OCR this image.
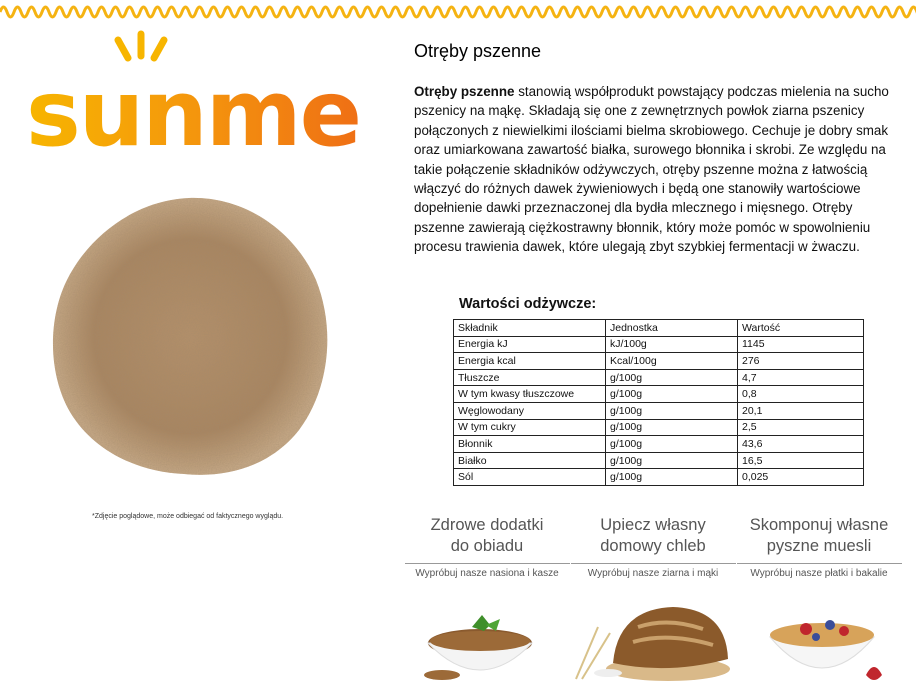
sunme
*Zdjęcie poglądowe, może odbiegać od faktycznego wyglądu.
Otręby pszenne
Otręby pszenne stanowią współprodukt powstający podczas mielenia na sucho pszenicy na mąkę. Składają się one z zewnętrznych powłok ziarna pszenicy połączonych z niewielkimi ilościami bielma skrobiowego. Cechuje je dobry smak oraz umiarkowana zawartość białka, surowego błonnika i skrobi. Ze względu na takie połączenie składników odżywczych, otręby pszenne można z łatwością włączyć do różnych dawek żywieniowych i będą one stanowiły wartościowe dopełnienie dawki przeznaczonej dla bydła mlecznego i mięsnego. Otręby pszenne zawierają ciężkostrawny błonnik, który może pomóc w spowolnieniu procesu trawienia dawek, które ulegają zbyt szybkiej fermentacji w żwaczu.
Wartości odżywcze:
Składnik	Jednostka	Wartość
Energia kJ	kJ/100g	1145
Energia kcal	Kcal/100g	276
Tłuszcze	g/100g	4,7
W tym kwasy tłuszczowe	g/100g	0,8
Węglowodany	g/100g	20,1
W tym cukry	g/100g	2,5
Błonnik	g/100g	43,6
Białko	g/100g	16,5
Sól	g/100g	0,025
Zdrowe dodatki
do obiadu
Wypróbuj nasze nasiona i kasze
Upiecz własny
domowy chleb
Wypróbuj nasze ziarna i mąki
Skomponuj własne
pyszne muesli
Wypróbuj nasze płatki i bakalie
